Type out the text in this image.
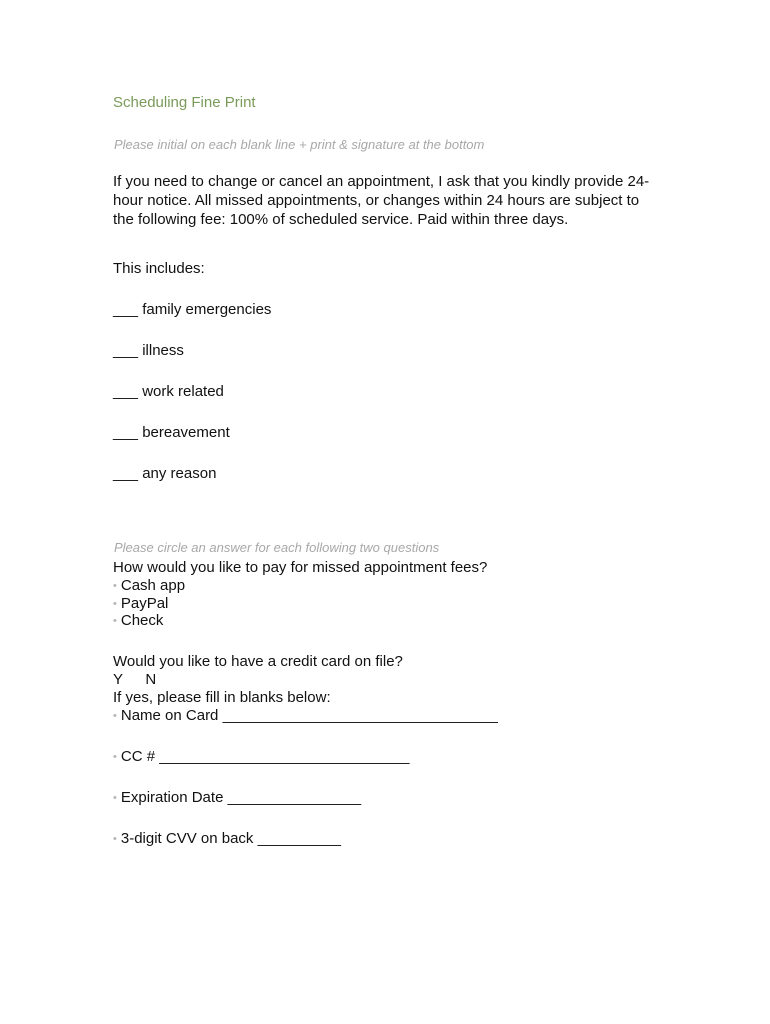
Scheduling Fine Print
Please initial on each blank line + print & signature at the bottom
If you need to change or cancel an appointment, I ask that you kindly provide 24-
hour notice. All missed appointments, or changes within 24 hours are subject to
the following fee: 100% of scheduled service. Paid within three days.
This includes:
___ family emergencies
___ illness
___ work related
___ bereavement
___ any reason
Please circle an answer for each following two questions
How would you like to pay for missed appointment fees?
• Cash app
• PayPal
• Check
Would you like to have a credit card on file?
Y N
If yes, please fill in blanks below:
• Name on Card _________________________________
• CC # ______________________________
• Expiration Date ________________
• 3-digit CVV on back __________
